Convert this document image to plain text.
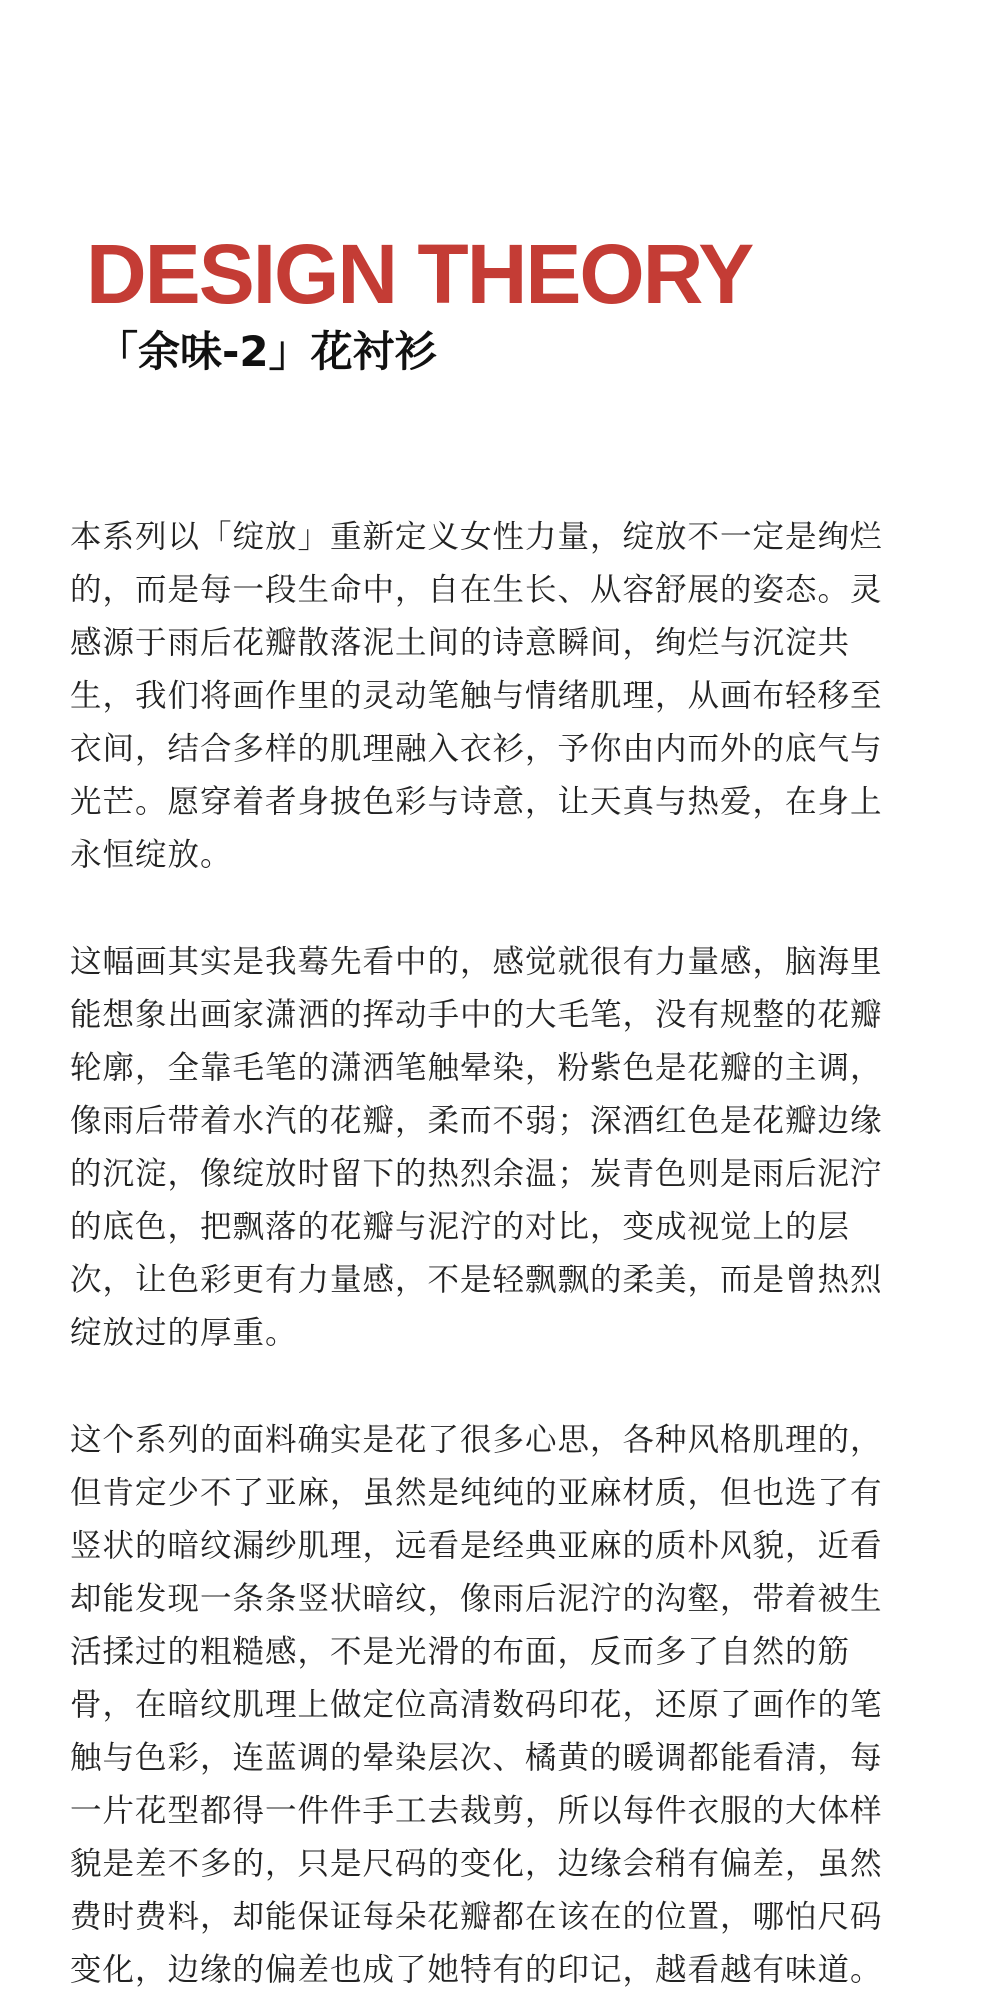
DESIGN THEORY
「余味-2」花衬衫

本系列以「绽放」重新定义女性力量，绽放不一定是绚烂
的，而是每一段生命中，自在生长、从容舒展的姿态。灵
感源于雨后花瓣散落泥土间的诗意瞬间，绚烂与沉淀共
生，我们将画作里的灵动笔触与情绪肌理，从画布轻移至
衣间，结合多样的肌理融入衣衫，予你由内而外的底气与
光芒。愿穿着者身披色彩与诗意，让天真与热爱，在身上
永恒绽放。

这幅画其实是我蓦先看中的，感觉就很有力量感，脑海里
能想象出画家潇洒的挥动手中的大毛笔，没有规整的花瓣
轮廓，全靠毛笔的潇洒笔触晕染，粉紫色是花瓣的主调，
像雨后带着水汽的花瓣，柔而不弱；深酒红色是花瓣边缘
的沉淀，像绽放时留下的热烈余温；炭青色则是雨后泥泞
的底色，把飘落的花瓣与泥泞的对比，变成视觉上的层
次，让色彩更有力量感，不是轻飘飘的柔美，而是曾热烈
绽放过的厚重。

这个系列的面料确实是花了很多心思，各种风格肌理的，
但肯定少不了亚麻，虽然是纯纯的亚麻材质，但也选了有
竖状的暗纹漏纱肌理，远看是经典亚麻的质朴风貌，近看
却能发现一条条竖状暗纹，像雨后泥泞的沟壑，带着被生
活揉过的粗糙感，不是光滑的布面，反而多了自然的筋
骨，在暗纹肌理上做定位高清数码印花，还原了画作的笔
触与色彩，连蓝调的晕染层次、橘黄的暖调都能看清，每
一片花型都得一件件手工去裁剪，所以每件衣服的大体样
貌是差不多的，只是尺码的变化，边缘会稍有偏差，虽然
费时费料，却能保证每朵花瓣都在该在的位置，哪怕尺码
变化，边缘的偏差也成了她特有的印记，越看越有味道。
